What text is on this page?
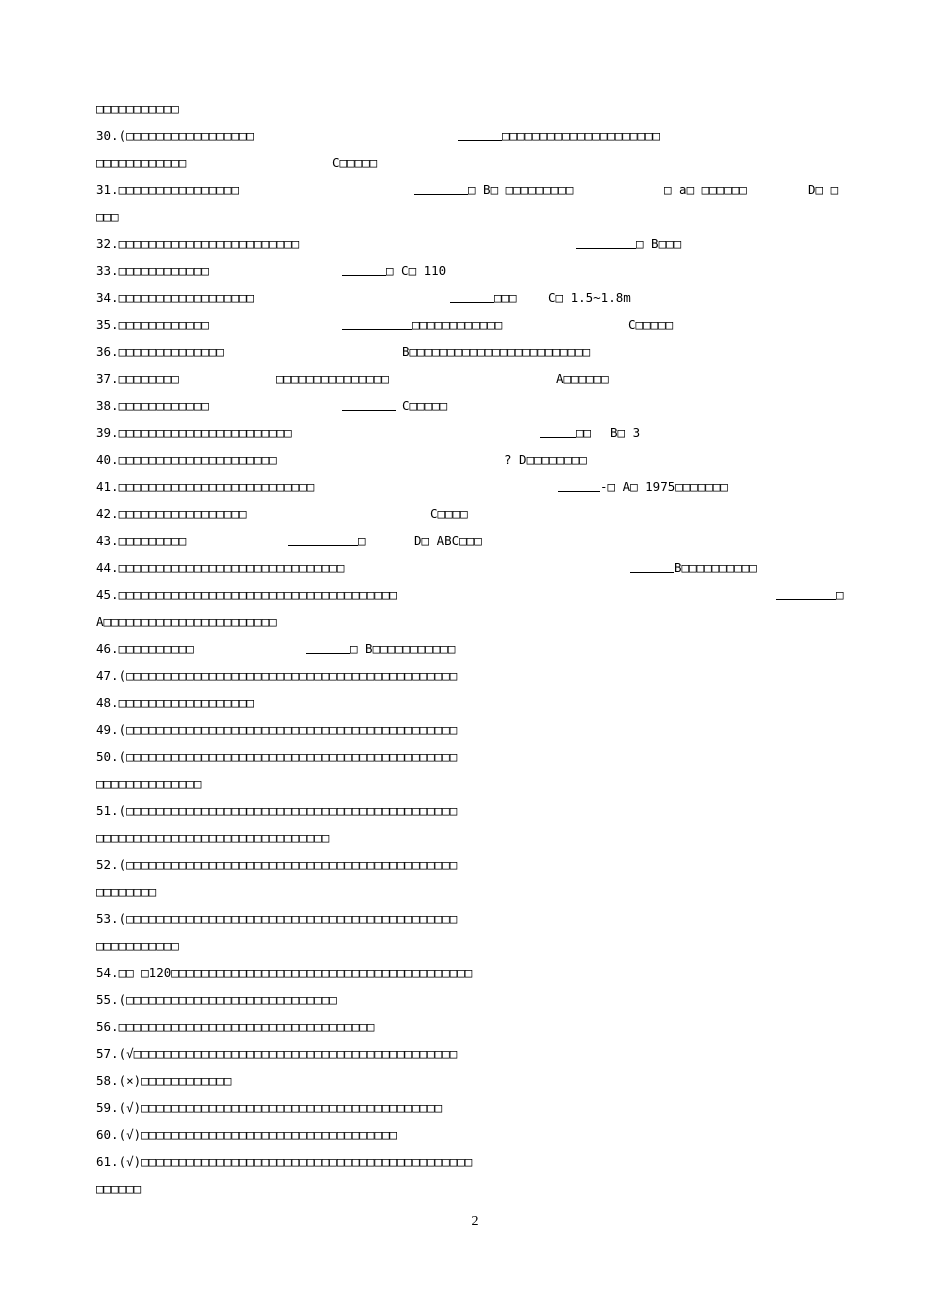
□□□□□□□□□□□

30.(□□□□□□□□□□□□□□□□□

	□□□□□□□□□□□□□□□□□□□□□

□□□□□□□□□□□□

	C□□□□□

31.□□□□□□□□□□□□□□□□

	□ B□ □□□□□□□□□

	□ a□ □□□□□□

	D□ □

□□□

32.□□□□□□□□□□□□□□□□□□□□□□□□

	□ B□□□

33.□□□□□□□□□□□□

	□ C□ 110

34.□□□□□□□□□□□□□□□□□□

	□□□

	C□ 1.5~1.8m

35.□□□□□□□□□□□□

	□□□□□□□□□□□□

	C□□□□□

36.□□□□□□□□□□□□□□

	B□□□□□□□□□□□□□□□□□□□□□□□□

37.□□□□□□□□

	□□□□□□□□□□□□□□□

	A□□□□□□

38.□□□□□□□□□□□□

	C□□□□□

39.□□□□□□□□□□□□□□□□□□□□□□□

	□□

B□ 3

40.□□□□□□□□□□□□□□□□□□□□□

	? D□□□□□□□□

41.□□□□□□□□□□□□□□□□□□□□□□□□□□

	-□ A□ 1975□□□□□□□

42.□□□□□□□□□□□□□□□□□

	C□□□□

43.□□□□□□□□□

	□

	D□ ABC□□□

44.□□□□□□□□□□□□□□□□□□□□□□□□□□□□□□

	B□□□□□□□□□□

45.□□□□□□□□□□□□□□□□□□□□□□□□□□□□□□□□□□□□□

	□

A□□□□□□□□□□□□□□□□□□□□□□□

46.□□□□□□□□□□

	□ B□□□□□□□□□□□

47.(□□□□□□□□□□□□□□□□□□□□□□□□□□□□□□□□□□□□□□□□□□□□

48.□□□□□□□□□□□□□□□□□□

49.(□□□□□□□□□□□□□□□□□□□□□□□□□□□□□□□□□□□□□□□□□□□□

50.(□□□□□□□□□□□□□□□□□□□□□□□□□□□□□□□□□□□□□□□□□□□□

□□□□□□□□□□□□□□

51.(□□□□□□□□□□□□□□□□□□□□□□□□□□□□□□□□□□□□□□□□□□□□

□□□□□□□□□□□□□□□□□□□□□□□□□□□□□□□

52.(□□□□□□□□□□□□□□□□□□□□□□□□□□□□□□□□□□□□□□□□□□□□

□□□□□□□□

53.(□□□□□□□□□□□□□□□□□□□□□□□□□□□□□□□□□□□□□□□□□□□□

□□□□□□□□□□□

54.□□ □120□□□□□□□□□□□□□□□□□□□□□□□□□□□□□□□□□□□□□□□□

55.(□□□□□□□□□□□□□□□□□□□□□□□□□□□□

56.□□□□□□□□□□□□□□□□□□□□□□□□□□□□□□□□□□

57.(√□□□□□□□□□□□□□□□□□□□□□□□□□□□□□□□□□□□□□□□□□□□

58.(×)□□□□□□□□□□□□

59.(√)□□□□□□□□□□□□□□□□□□□□□□□□□□□□□□□□□□□□□□□□

60.(√)□□□□□□□□□□□□□□□□□□□□□□□□□□□□□□□□□□

61.(√)□□□□□□□□□□□□□□□□□□□□□□□□□□□□□□□□□□□□□□□□□□□□

□□□□□□

2
